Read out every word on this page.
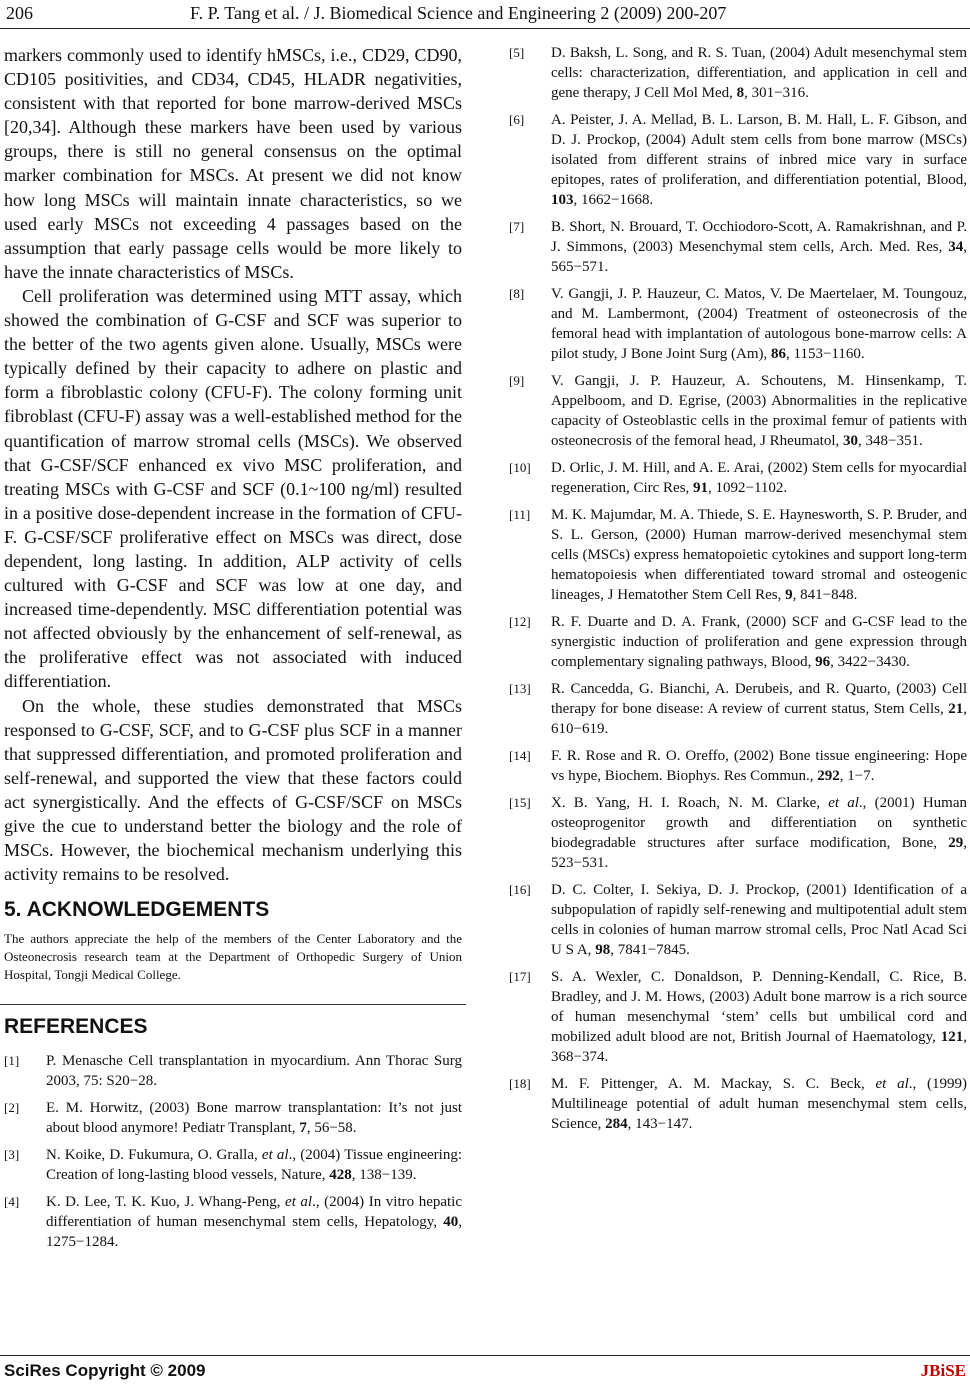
206	F. P. Tang et al. / J. Biomedical Science and Engineering 2 (2009) 200-207

markers commonly used to identify hMSCs, i.e., CD29, CD90, CD105 positivities, and CD34, CD45, HLADR negativities, consistent with that reported for bone marrow-derived MSCs [20,34]. Although these markers have been used by various groups, there is still no general consensus on the optimal marker combination for MSCs. At present we did not know how long MSCs will maintain innate characteristics, so we used early MSCs not exceeding 4 passages based on the assumption that early passage cells would be more likely to have the innate characteristics of MSCs.

Cell proliferation was determined using MTT assay, which showed the combination of G-CSF and SCF was superior to the better of the two agents given alone. Usually, MSCs were typically defined by their capacity to adhere on plastic and form a fibroblastic colony (CFU-F). The colony forming unit fibroblast (CFU-F) assay was a well-established method for the quantification of marrow stromal cells (MSCs). We observed that G-CSF/SCF enhanced ex vivo MSC proliferation, and treating MSCs with G-CSF and SCF (0.1~100 ng/ml) resulted in a positive dose-dependent increase in the formation of CFU-F. G-CSF/SCF proliferative effect on MSCs was direct, dose dependent, long lasting. In addition, ALP activity of cells cultured with G-CSF and SCF was low at one day, and increased time-dependently. MSC differentiation potential was not affected obviously by the enhancement of self-renewal, as the proliferative effect was not associated with induced differentiation.

On the whole, these studies demonstrated that MSCs responsed to G-CSF, SCF, and to G-CSF plus SCF in a manner that suppressed differentiation, and promoted proliferation and self-renewal, and supported the view that these factors could act synergistically. And the effects of G-CSF/SCF on MSCs give the cue to understand better the biology and the role of MSCs. However, the biochemical mechanism underlying this activity remains to be resolved.

5. ACKNOWLEDGEMENTS

The authors appreciate the help of the members of the Center Laboratory and the Osteonecrosis research team at the Department of Orthopedic Surgery of Union Hospital, Tongji Medical College.

REFERENCES
[1]	P. Menasche Cell transplantation in myocardium. Ann Thorac Surg 2003, 75: S20−28.
[2]	E. M. Horwitz, (2003) Bone marrow transplantation: It’s not just about blood anymore! Pediatr Transplant, 7, 56−58.
[3]	N. Koike, D. Fukumura, O. Gralla, et al., (2004) Tissue engineering: Creation of long-lasting blood vessels, Nature, 428, 138−139.
[4]	K. D. Lee, T. K. Kuo, J. Whang-Peng, et al., (2004) In vitro hepatic differentiation of human mesenchymal stem cells, Hepatology, 40, 1275−1284.
[5]	D. Baksh, L. Song, and R. S. Tuan, (2004) Adult mesenchymal stem cells: characterization, differentiation, and application in cell and gene therapy, J Cell Mol Med, 8, 301−316.
[6]	A. Peister, J. A. Mellad, B. L. Larson, B. M. Hall, L. F. Gibson, and D. J. Prockop, (2004) Adult stem cells from bone marrow (MSCs) isolated from different strains of inbred mice vary in surface epitopes, rates of proliferation, and differentiation potential, Blood, 103, 1662−1668.
[7]	B. Short, N. Brouard, T. Occhiodoro-Scott, A. Ramakrishnan, and P. J. Simmons, (2003) Mesenchymal stem cells, Arch. Med. Res, 34, 565−571.
[8]	V. Gangji, J. P. Hauzeur, C. Matos, V. De Maertelaer, M. Toungouz, and M. Lambermont, (2004) Treatment of osteonecrosis of the femoral head with implantation of autologous bone-marrow cells: A pilot study, J Bone Joint Surg (Am), 86, 1153−1160.
[9]	V. Gangji, J. P. Hauzeur, A. Schoutens, M. Hinsenkamp, T. Appelboom, and D. Egrise, (2003) Abnormalities in the replicative capacity of Osteoblastic cells in the proximal femur of patients with osteonecrosis of the femoral head, J Rheumatol, 30, 348−351.
[10]	D. Orlic, J. M. Hill, and A. E. Arai, (2002) Stem cells for myocardial regeneration, Circ Res, 91, 1092−1102.
[11]	M. K. Majumdar, M. A. Thiede, S. E. Haynesworth, S. P. Bruder, and S. L. Gerson, (2000) Human marrow-derived mesenchymal stem cells (MSCs) express hematopoietic cytokines and support long-term hematopoiesis when differentiated toward stromal and osteogenic lineages, J Hematother Stem Cell Res, 9, 841−848.
[12]	R. F. Duarte and D. A. Frank, (2000) SCF and G-CSF lead to the synergistic induction of proliferation and gene expression through complementary signaling pathways, Blood, 96, 3422−3430.
[13]	R. Cancedda, G. Bianchi, A. Derubeis, and R. Quarto, (2003) Cell therapy for bone disease: A review of current status, Stem Cells, 21, 610−619.
[14]	F. R. Rose and R. O. Oreffo, (2002) Bone tissue engineering: Hope vs hype, Biochem. Biophys. Res Commun., 292, 1−7.
[15]	X. B. Yang, H. I. Roach, N. M. Clarke, et al., (2001) Human osteoprogenitor growth and differentiation on synthetic biodegradable structures after surface modification, Bone, 29, 523−531.
[16]	D. C. Colter, I. Sekiya, D. J. Prockop, (2001) Identification of a subpopulation of rapidly self-renewing and multipotential adult stem cells in colonies of human marrow stromal cells, Proc Natl Acad Sci U S A, 98, 7841−7845.
[17]	S. A. Wexler, C. Donaldson, P. Denning-Kendall, C. Rice, B. Bradley, and J. M. Hows, (2003) Adult bone marrow is a rich source of human mesenchymal ‘stem’ cells but umbilical cord and mobilized adult blood are not, British Journal of Haematology, 121, 368−374.
[18]	M. F. Pittenger, A. M. Mackay, S. C. Beck, et al., (1999) Multilineage potential of adult human mesenchymal stem cells, Science, 284, 143−147.
SciRes Copyright © 2009	JBiSE
